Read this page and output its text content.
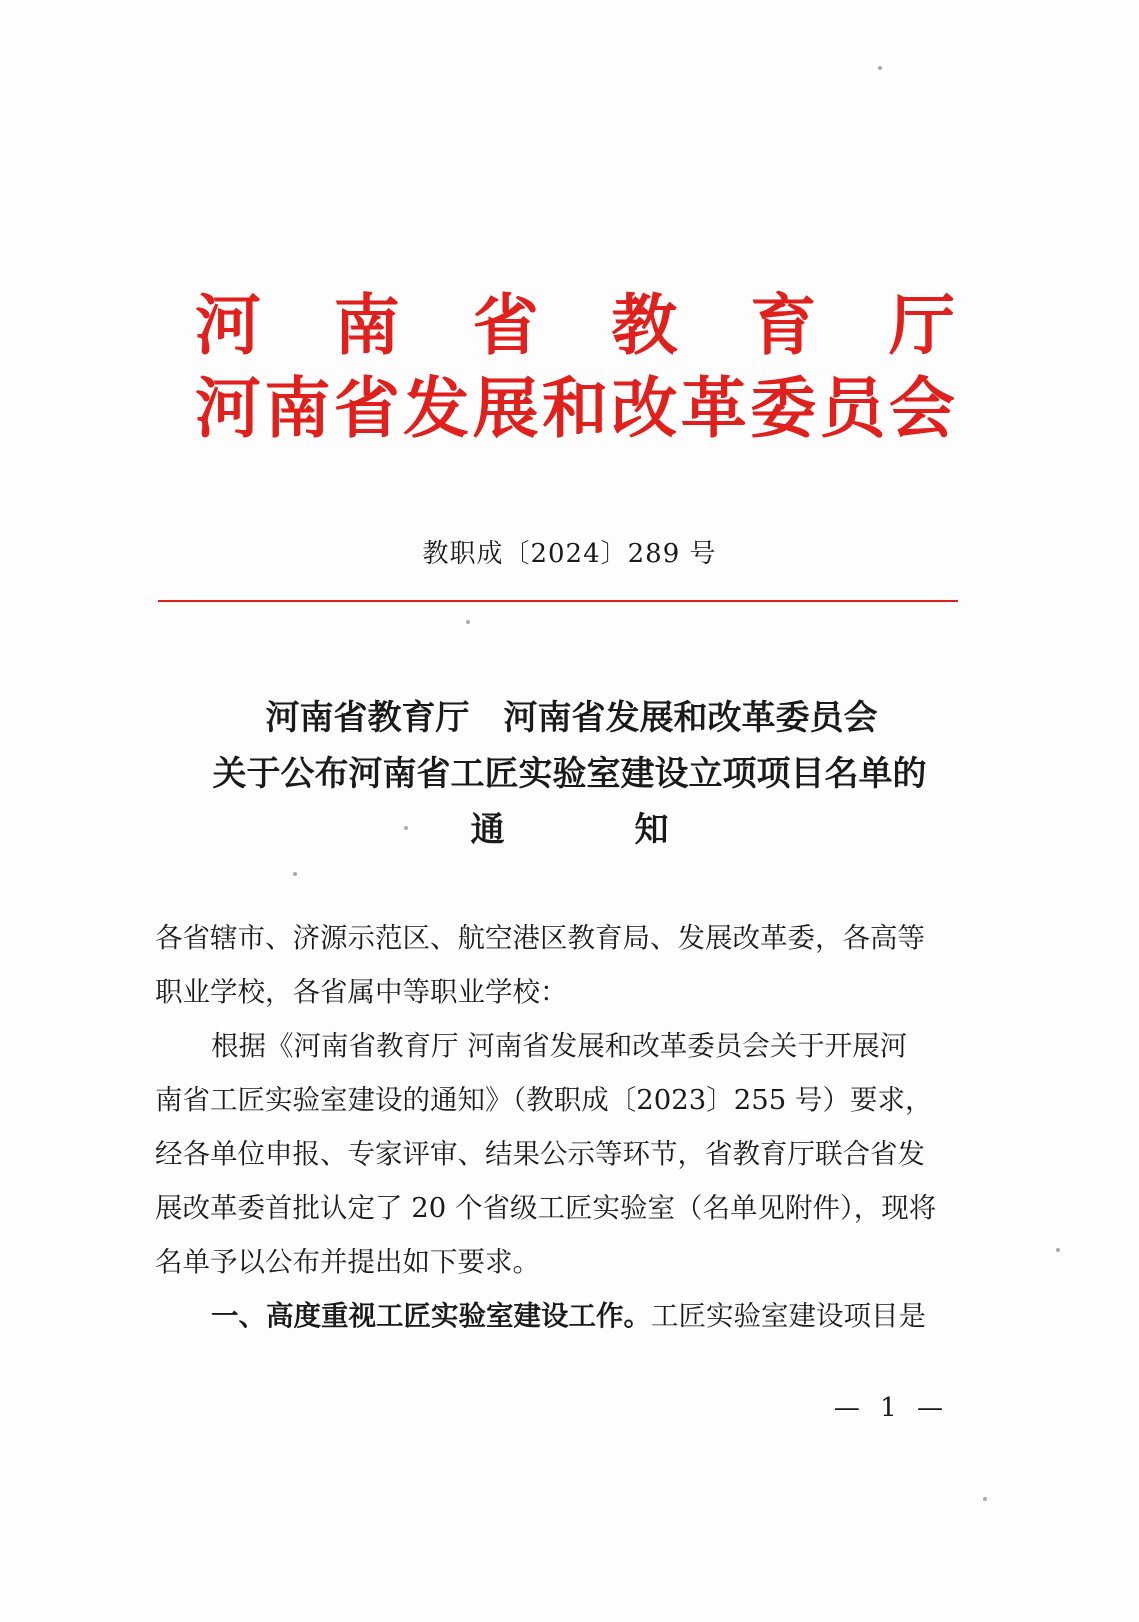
河 南 省 教 育 厅
河 南 省 发 展 和 改 革 委 员 会
教职成〔2024〕289 号
河南省教育厅　河南省发展和改革委员会
关于公布河南省工匠实验室建设立项项目名单的
通	知
各省辖市、济源示范区、航空港区教育局、发展改革委，各高等
职业学校，各省属中等职业学校：
根据《河南省教育厅 河南省发展和改革委员会关于开展河
南省工匠实验室建设的通知》（教职成〔2023〕255 号）要求，
经各单位申报、专家评审、结果公示等环节，省教育厅联合省发
展改革委首批认定了 20 个省级工匠实验室（名单见附件），现将
名单予以公布并提出如下要求。
一、高度重视工匠实验室建设工作。工匠实验室建设项目是
— 1 —
